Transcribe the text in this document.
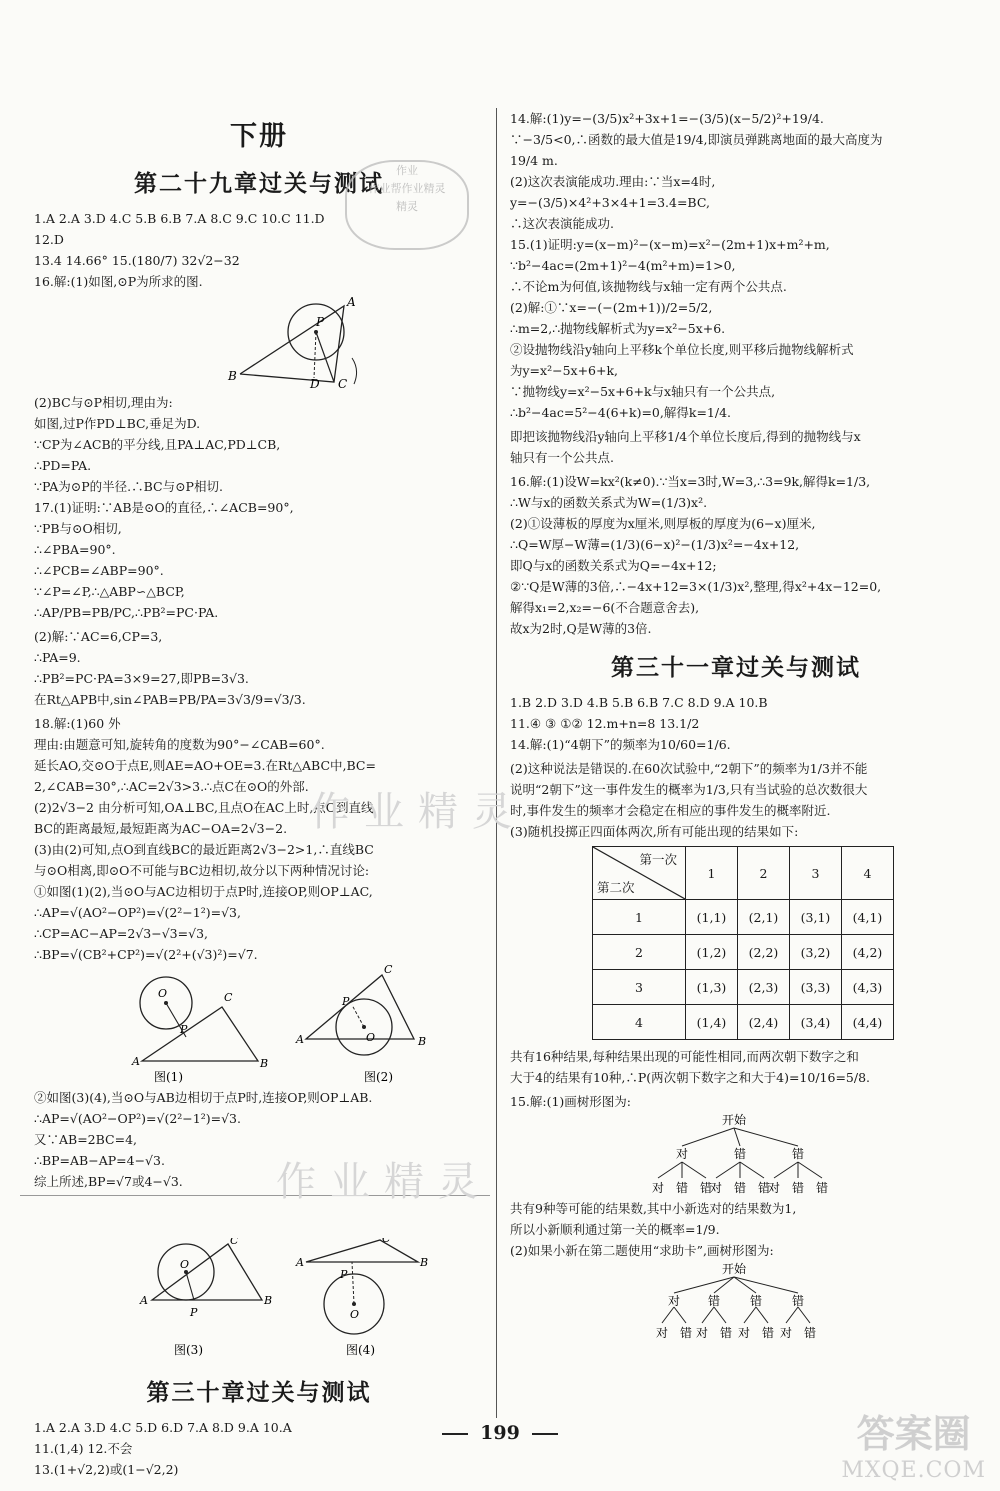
下册
第二十九章过关与测试
1.A 2.A 3.D 4.C 5.B 6.B 7.A 8.C 9.C 10.C 11.D
12.D
13.4 14.66° 15.(180/7) 32√2−32
16.解:(1)如图,⊙P为所求的图.
A
P
B
D C
(2)BC与⊙P相切,理由为:
如图,过P作PD⊥BC,垂足为D.
∵CP为∠ACB的平分线,且PA⊥AC,PD⊥CB,
∴PD=PA.
∵PA为⊙P的半径.∴BC与⊙P相切.
17.(1)证明:∵AB是⊙O的直径,∴∠ACB=90°,
∵PB与⊙O相切,
∴∠PBA=90°.
∴∠PCB=∠ABP=90°.
∵∠P=∠P,∴△ABP∽△BCP,
∴AP/PB=PB/PC,∴PB²=PC·PA.
(2)解:∵AC=6,CP=3,
∴PA=9.
∴PB²=PC·PA=3×9=27,即PB=3√3.
在Rt△APB中,sin∠PAB=PB/PA=3√3/9=√3/3.
18.解:(1)60 外
理由:由题意可知,旋转角的度数为90°−∠CAB=60°.
延长AO,交⊙O于点E,则AE=AO+OE=3.在Rt△ABC中,BC=
2,∠CAB=30°,∴AC=2√3>3.∴点C在⊙O的外部.
(2)2√3−2 由分析可知,OA⊥BC,且点O在AC上时,点O到直线
BC的距离最短,最短距离为AC−OA=2√3−2.
(3)由(2)可知,点O到直线BC的最近距离2√3−2>1,∴直线BC
与⊙O相离,即⊙O不可能与BC边相切,故分以下两种情况讨论:
①如图(1)(2),当⊙O与AC边相切于点P时,连接OP,则OP⊥AC,
∴AP=√(AO²−OP²)=√(2²−1²)=√3,
∴CP=AC−AP=2√3−√3=√3,
∴BP=√(CB²+CP²)=√(2²+(√3)²)=√7.
O	C
A	B
P
图(1)
O
C
A	B
P
图(2)
②如图(3)(4),当⊙O与AB边相切于点P时,连接OP,则OP⊥AB.
∴AP=√(AO²−OP²)=√(2²−1²)=√3.
又∵AB=2BC=4,
∴BP=AB−AP=4−√3.
综上所述,BP=√7或4−√3.
O
C
A	B
P
图(3)
O
C
A	B
P
图(4)
第三十章过关与测试
1.A 2.A 3.D 4.C 5.D 6.D 7.A 8.D 9.A 10.A
11.(1,4) 12.不会
13.(1+√2,2)或(1−√2,2)
14.解:(1)y=−(3/5)x²+3x+1=−(3/5)(x−5/2)²+19/4.
∵−3/5<0,∴函数的最大值是19/4,即演员弹跳离地面的最大高度为
19/4 m.
(2)这次表演能成功.理由:∵当x=4时,
y=−(3/5)×4²+3×4+1=3.4=BC,
∴这次表演能成功.
15.(1)证明:y=(x−m)²−(x−m)=x²−(2m+1)x+m²+m,
∵b²−4ac=(2m+1)²−4(m²+m)=1>0,
∴不论m为何值,该抛物线与x轴一定有两个公共点.
(2)解:①∵x=−(−(2m+1))/2=5/2,
∴m=2,∴抛物线解析式为y=x²−5x+6.
②设抛物线沿y轴向上平移k个单位长度,则平移后抛物线解析式
为y=x²−5x+6+k,
∵抛物线y=x²−5x+6+k与x轴只有一个公共点,
∴b²−4ac=5²−4(6+k)=0,解得k=1/4.
即把该抛物线沿y轴向上平移1/4个单位长度后,得到的抛物线与x
轴只有一个公共点.
16.解:(1)设W=kx²(k≠0).∵当x=3时,W=3,∴3=9k,解得k=1/3,
∴W与x的函数关系式为W=(1/3)x².
(2)①设薄板的厚度为x厘米,则厚板的厚度为(6−x)厘米,
∴Q=W厚−W薄=(1/3)(6−x)²−(1/3)x²=−4x+12,
即Q与x的函数关系式为Q=−4x+12;
②∵Q是W薄的3倍,∴−4x+12=3×(1/3)x²,整理,得x²+4x−12=0,
解得x₁=2,x₂=−6(不合题意舍去),
故x为2时,Q是W薄的3倍.
第三十一章过关与测试
1.B 2.D 3.D 4.B 5.B 6.B 7.C 8.D 9.A 10.B
11.④ ③ ①② 12.m+n=8 13.1/2
14.解:(1)“4朝下”的频率为10/60=1/6.
(2)这种说法是错误的.在60次试验中,“2朝下”的频率为1/3并不能
说明“2朝下”这一事件发生的概率为1/3,只有当试验的总次数很大
时,事件发生的频率才会稳定在相应的事件发生的概率附近.
(3)随机投掷正四面体两次,所有可能出现的结果如下:
第一次
第二次	1	2	3	4
1	(1,1)	(2,1)	(3,1)	(4,1)
2	(1,2)	(2,2)	(3,2)	(4,2)
3	(1,3)	(2,3)	(3,3)	(4,3)
4	(1,4)	(2,4)	(3,4)	(4,4)
共有16种结果,每种结果出现的可能性相同,而两次朝下数字之和
大于4的结果有10种,∴P(两次朝下数字之和大于4)=10/16=5/8.
15.解:(1)画树形图为:
开始
对	错	错
对 错 错
对 错 错
对 错 错
共有9种等可能的结果数,其中小新选对的结果数为1,
所以小新顺利通过第一关的概率=1/9.
(2)如果小新在第二题使用“求助卡”,画树形图为:
开始
对 错 错 错
对 错 对 错 对 错 对 错
作业
作业帮作业精灵
精灵
作业精灵
作业精灵
199	答案圈
MXQE.COM
